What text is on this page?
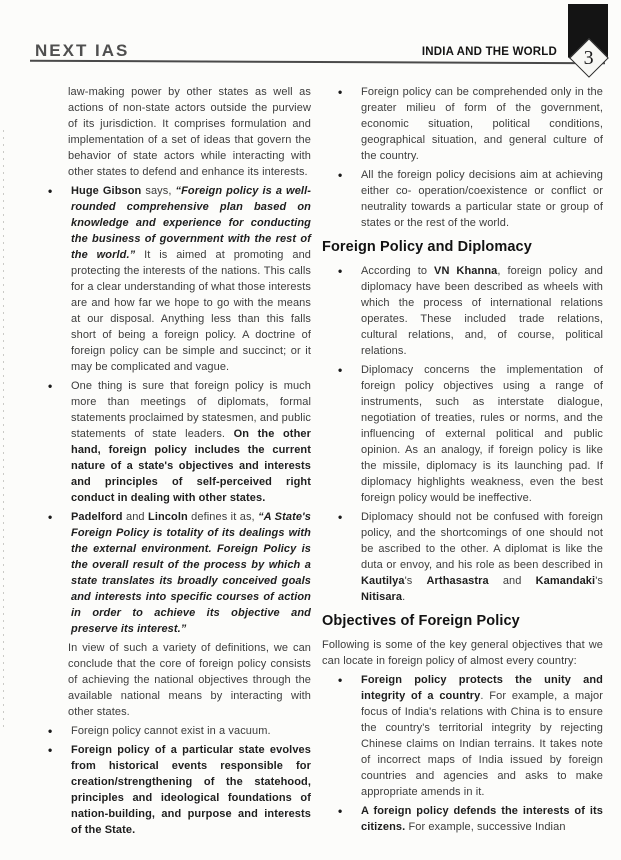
NEXT IAS	INDIA AND THE WORLD 3
law-making power by other states as well as actions of non-state actors outside the purview of its jurisdiction. It comprises formulation and implementation of a set of ideas that govern the behavior of state actors while interacting with other states to defend and enhance its interests.
•	Huge Gibson says, “Foreign policy is a well-rounded comprehensive plan based on knowledge and experience for conducting the business of government with the rest of the world.” It is aimed at promoting and protecting the interests of the nations. This calls for a clear understanding of what those interests are and how far we hope to go with the means at our disposal. Anything less than this falls short of being a foreign policy. A doctrine of foreign policy can be simple and succinct; or it may be complicated and vague.
•	One thing is sure that foreign policy is much more than meetings of diplomats, formal statements proclaimed by statesmen, and public statements of state leaders. On the other hand, foreign policy includes the current nature of a state's objectives and interests and principles of self-perceived right conduct in dealing with other states.
•	Padelford and Lincoln defines it as, “A State's Foreign Policy is totality of its dealings with the external environment. Foreign Policy is the overall result of the process by which a state translates its broadly conceived goals and interests into specific courses of action in order to achieve its objective and preserve its interest.”
In view of such a variety of definitions, we can conclude that the core of foreign policy consists of achieving the national objectives through the available national means by interacting with other states.
•	Foreign policy cannot exist in a vacuum.
•	Foreign policy of a particular state evolves from historical events responsible for creation/strengthening of the statehood, principles and ideological foundations of nation-building, and purpose and interests of the State.
•	Foreign policy can be comprehended only in the greater milieu of form of the government, economic situation, political conditions, geographical situation, and general culture of the country.
•	All the foreign policy decisions aim at achieving either co- operation/coexistence or conflict or neutrality towards a particular state or group of states or the rest of the world.
Foreign Policy and Diplomacy
•	According to VN Khanna, foreign policy and diplomacy have been described as wheels with which the process of international relations operates. These included trade relations, cultural relations, and, of course, political relations.
•	Diplomacy concerns the implementation of foreign policy objectives using a range of instruments, such as interstate dialogue, negotiation of treaties, rules or norms, and the influencing of external political and public opinion. As an analogy, if foreign policy is like the missile, diplomacy is its launching pad. If diplomacy highlights weakness, even the best foreign policy would be ineffective.
•	Diplomacy should not be confused with foreign policy, and the shortcomings of one should not be ascribed to the other. A diplomat is like the duta or envoy, and his role as been described in Kautilya's Arthasastra and Kamandaki's Nitisara.
Objectives of Foreign Policy
Following is some of the key general objectives that we can locate in foreign policy of almost every country:
•	Foreign policy protects the unity and integrity of a country. For example, a major focus of India's relations with China is to ensure the country's territorial integrity by rejecting Chinese claims on Indian terrains. It takes note of incorrect maps of India issued by foreign countries and agencies and asks to make appropriate amends in it.
•	A foreign policy defends the interests of its citizens. For example, successive Indian
